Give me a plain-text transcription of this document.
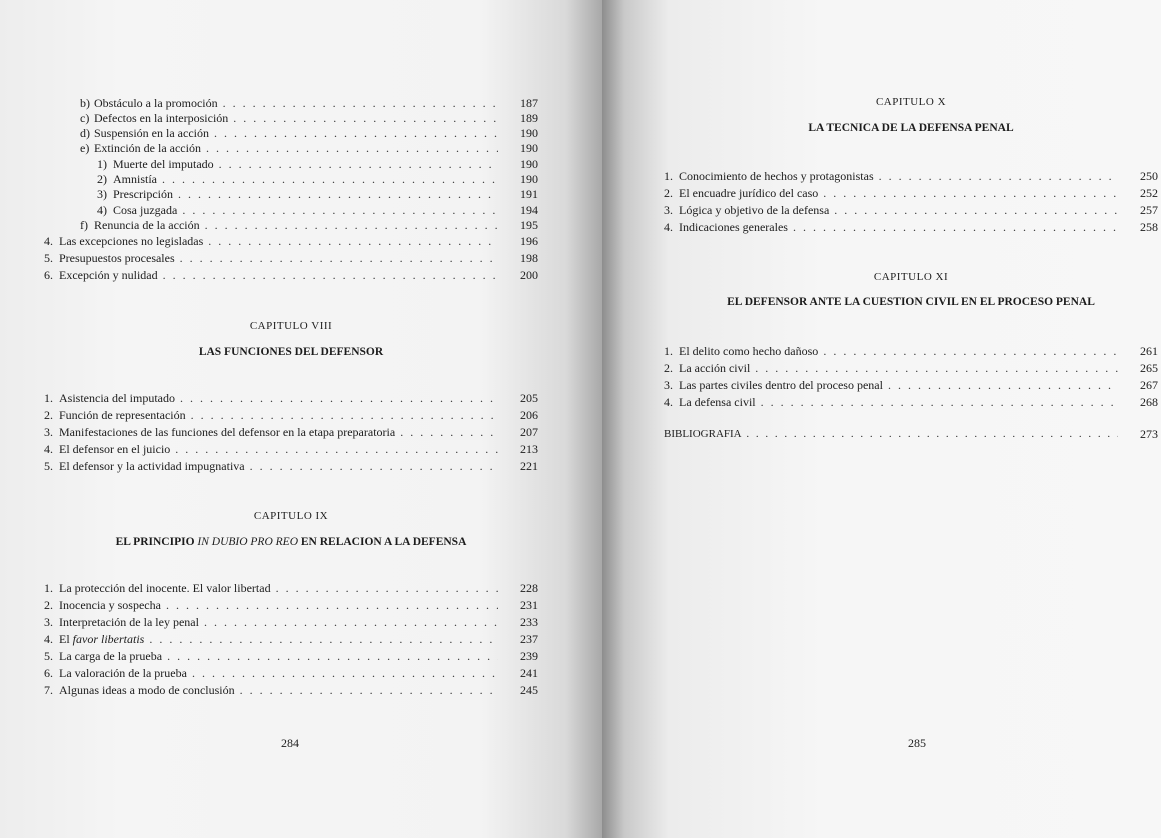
b) Obstáculo a la promoción . . .	187
c) Defectos en la interposición . . .	189
d) Suspensión en la acción . . .	190
e) Extinción de la acción . . .	190
1) Muerte del imputado . . .	190
2) Amnistía . . .	190
3) Prescripción . . .	191
4) Cosa juzgada . . .	194
f) Renuncia de la acción . . .	195
4. Las excepciones no legisladas . . .	196
5. Presupuestos procesales . . .	198
6. Excepción y nulidad . . .	200
CAPITULO VIII
LAS FUNCIONES DEL DEFENSOR
1. Asistencia del imputado . . .	205
2. Función de representación . . .	206
3. Manifestaciones de las funciones del defensor en la etapa preparatoria . . .	207
4. El defensor en el juicio . . .	213
5. El defensor y la actividad impugnativa . . .	221
CAPITULO IX
EL PRINCIPIO IN DUBIO PRO REO EN RELACION A LA DEFENSA
1. La protección del inocente. El valor libertad . . .	228
2. Inocencia y sospecha . . .	231
3. Interpretación de la ley penal . . .	233
4. El favor libertatis . . .	237
5. La carga de la prueba . . .	239
6. La valoración de la prueba . . .	241
7. Algunas ideas a modo de conclusión . . .	245
284
CAPITULO X
LA TECNICA DE LA DEFENSA PENAL
1. Conocimiento de hechos y protagonistas . . .	250
2. El encuadre jurídico del caso . . .	252
3. Lógica y objetivo de la defensa . . .	257
4. Indicaciones generales . . .	258
CAPITULO XI
EL DEFENSOR ANTE LA CUESTION CIVIL EN EL PROCESO PENAL
1. El delito como hecho dañoso . . .	261
2. La acción civil . . .	265
3. Las partes civiles dentro del proceso penal . . .	267
4. La defensa civil . . .	268
BIBLIOGRAFIA . . .	273
285
